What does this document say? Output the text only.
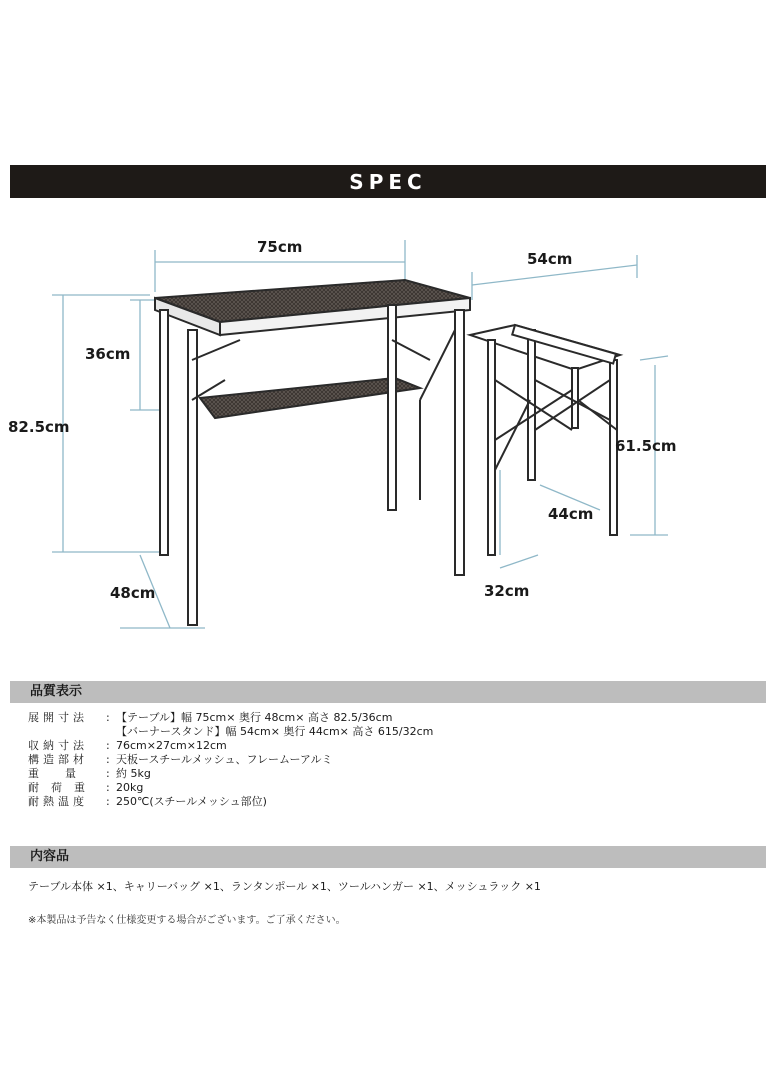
SPEC
75cm
54cm
36cm
82.5cm
61.5cm
44cm
32cm
48cm
品質表示
展開寸法	: 【テーブル】幅 75cm× 奥行 48cm× 高さ 82.5/36cm
【バーナースタンド】幅 54cm× 奥行 44cm× 高さ 615/32cm
収納寸法	: 76cm×27cm×12cm
構造部材	: 天板ースチールメッシュ、フレームーアルミ
重量 : 約 5kg
耐荷重 : 20kg
耐熱温度	: 250℃(スチールメッシュ部位)
内容品
テーブル本体 ×1、キャリーバッグ ×1、ランタンポール ×1、ツールハンガー ×1、メッシュラック ×1
※本製品は予告なく仕様変更する場合がございます。ご了承ください。
